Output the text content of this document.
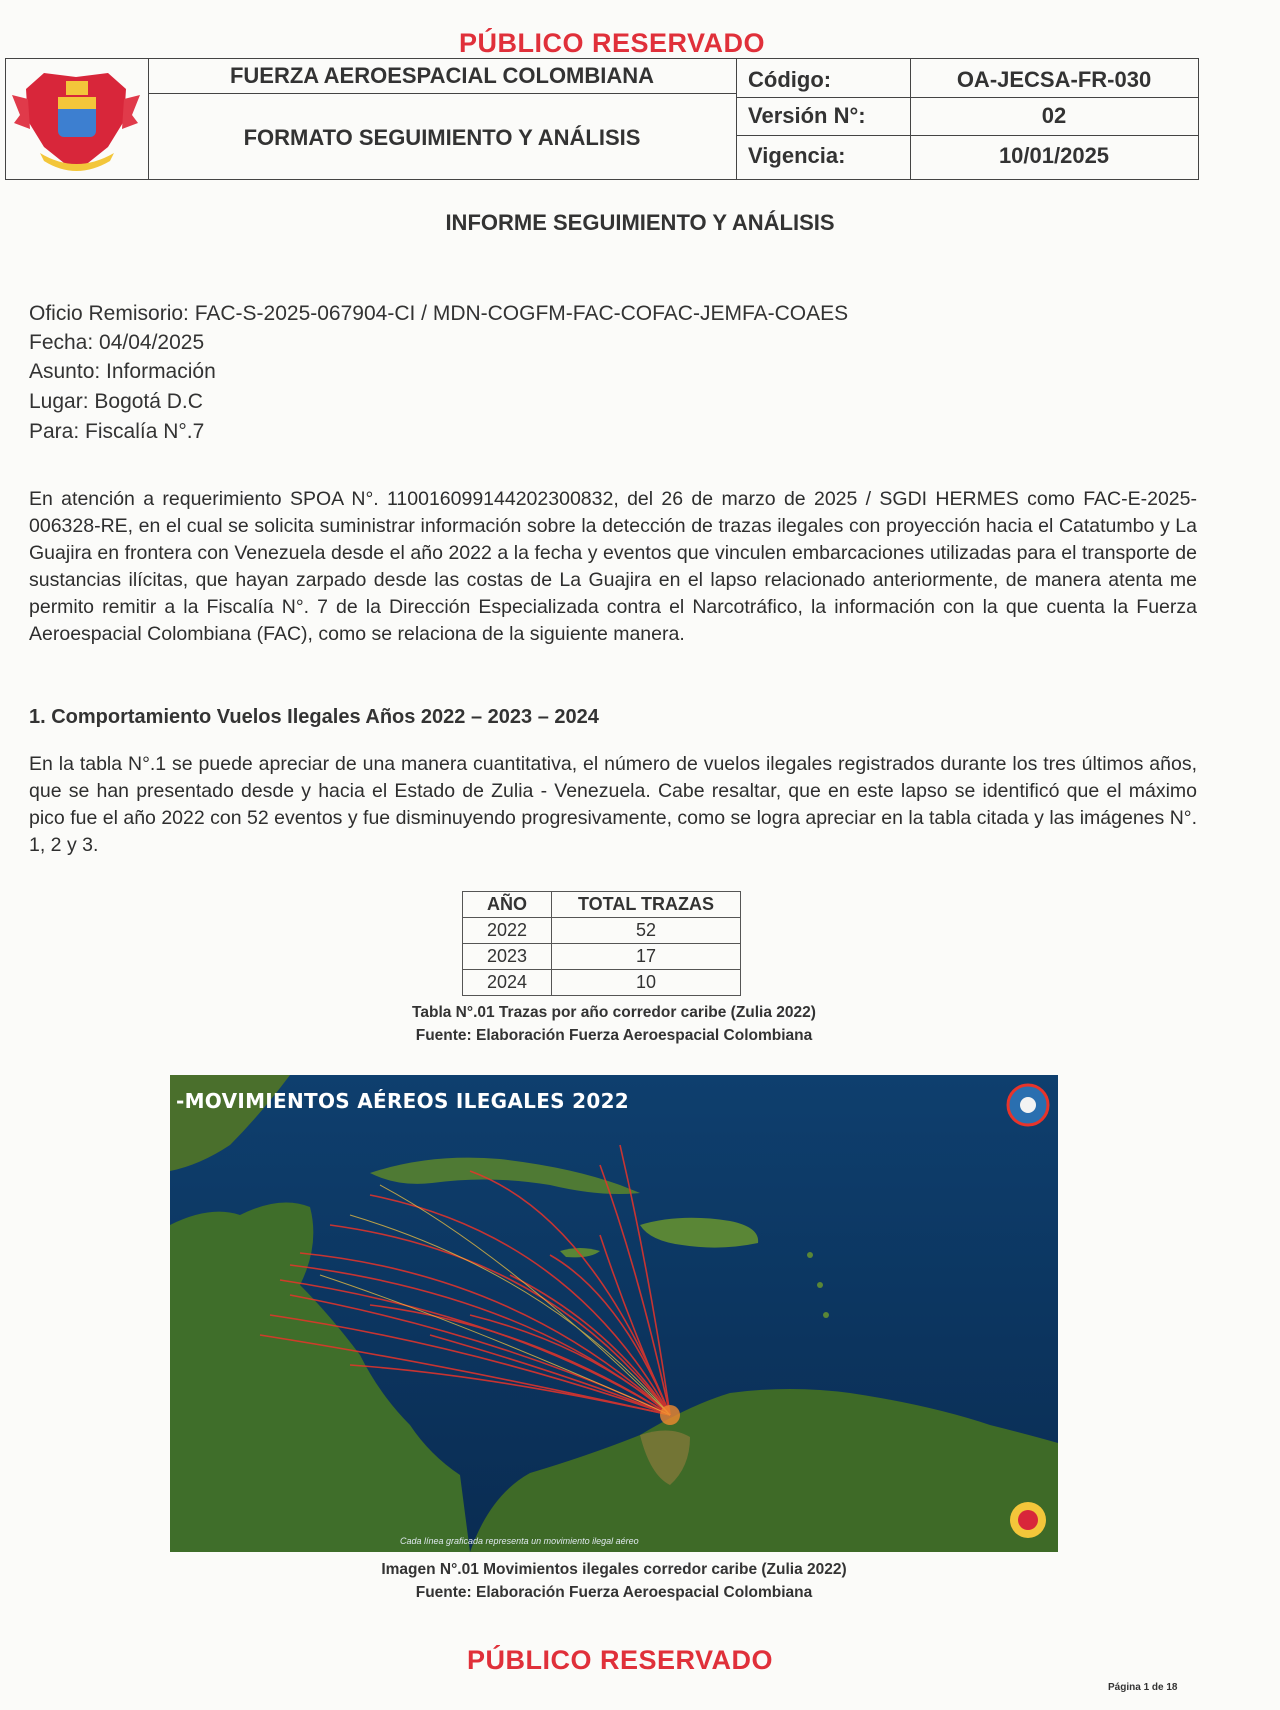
PÚBLICO RESERVADO
FUERZA AEROESPACIAL COLOMBIANA
FORMATO SEGUIMIENTO Y ANÁLISIS
Código:	OA-JECSA-FR-030
Versión N°:	02
Vigencia:	10/01/2025
INFORME SEGUIMIENTO Y ANÁLISIS
Oficio Remisorio: FAC-S-2025-067904-CI / MDN-COGFM-FAC-COFAC-JEMFA-COAES
Fecha: 04/04/2025
Asunto: Información
Lugar: Bogotá D.C
Para: Fiscalía N°.7

En atención a requerimiento SPOA N°. 110016099144202300832, del 26 de marzo de 2025 / SGDI HERMES como FAC-E-2025-006328-RE, en el cual se solicita suministrar información sobre la detección de trazas ilegales con proyección hacia el Catatumbo y La Guajira en frontera con Venezuela desde el año 2022 a la fecha y eventos que vinculen embarcaciones utilizadas para el transporte de sustancias ilícitas, que hayan zarpado desde las costas de La Guajira en el lapso relacionado anteriormente, de manera atenta me permito remitir a la Fiscalía N°. 7 de la Dirección Especializada contra el Narcotráfico, la información con la que cuenta la Fuerza Aeroespacial Colombiana (FAC), como se relaciona de la siguiente manera.

1. Comportamiento Vuelos Ilegales Años 2022 – 2023 – 2024

En la tabla N°.1 se puede apreciar de una manera cuantitativa, el número de vuelos ilegales registrados durante los tres últimos años, que se han presentado desde y hacia el Estado de Zulia - Venezuela. Cabe resaltar, que en este lapso se identificó que el máximo pico fue el año 2022 con 52 eventos y fue disminuyendo progresivamente, como se logra apreciar en la tabla citada y las imágenes N°. 1, 2 y 3.

AÑO	TOTAL TRAZAS
2022	52
2023	17
2024	10
Tabla N°.01 Trazas por año corredor caribe (Zulia 2022)
Fuente: Elaboración Fuerza Aeroespacial Colombiana
-MOVIMIENTOS AÉREOS ILEGALES 2022
Cada línea graficada representa un movimiento ilegal aéreo
Imagen N°.01 Movimientos ilegales corredor caribe (Zulia 2022)
Fuente: Elaboración Fuerza Aeroespacial Colombiana
PÚBLICO RESERVADO
Página 1 de 18
